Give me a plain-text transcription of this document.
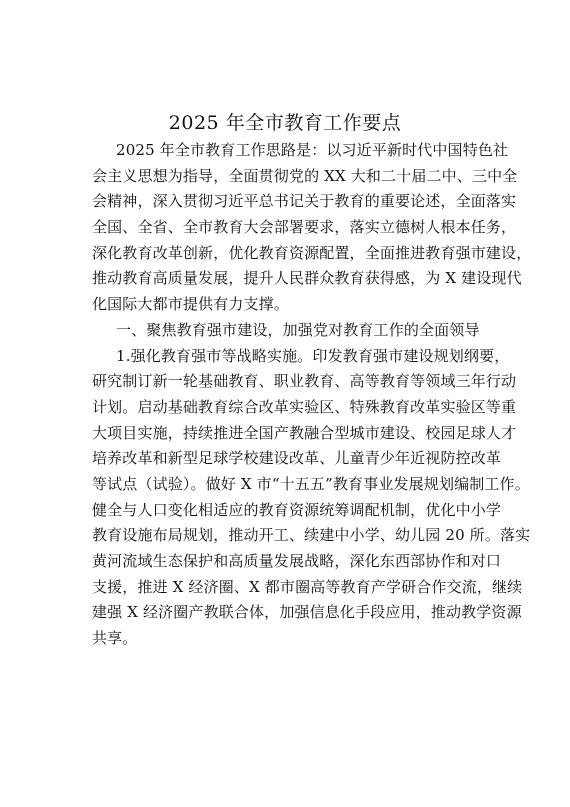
2025 年全市教育工作要点
2025 年全市教育工作思路是：以习近平新时代中国特色社
会主义思想为指导，全面贯彻党的 XX 大和二十届二中、三中全
会精神，深入贯彻习近平总书记关于教育的重要论述，全面落实
全国、全省、全市教育大会部署要求，落实立德树人根本任务，
深化教育改革创新，优化教育资源配置，全面推进教育强市建设，
推动教育高质量发展，提升人民群众教育获得感，为 X 建设现代
化国际大都市提供有力支撑。
一、聚焦教育强市建设，加强党对教育工作的全面领导
1.强化教育强市等战略实施。印发教育强市建设规划纲要，
研究制订新一轮基础教育、职业教育、高等教育等领域三年行动
计划。启动基础教育综合改革实验区、特殊教育改革实验区等重
大项目实施，持续推进全国产教融合型城市建设、校园足球人才
培养改革和新型足球学校建设改革、儿童青少年近视防控改革
等试点（试验）。做好 X 市“十五五”教育事业发展规划编制工作。
健全与人口变化相适应的教育资源统筹调配机制，优化中小学
教育设施布局规划，推动开工、续建中小学、幼儿园 20 所。落实
黄河流域生态保护和高质量发展战略，深化东西部协作和对口
支援，推进 X 经济圈、X 都市圈高等教育产学研合作交流，继续
建强 X 经济圈产教联合体，加强信息化手段应用，推动教学资源
共享。
